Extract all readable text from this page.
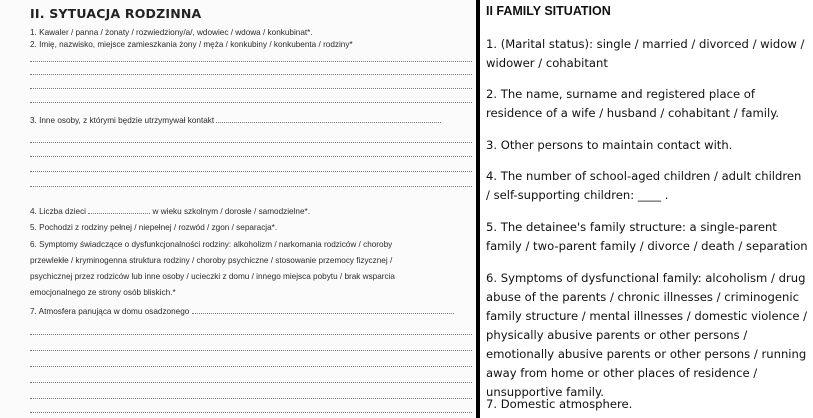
II. SYTUACJA RODZINNA
1. Kawaler / panna / żonaty / rozwiedziony/a/, wdowiec / wdowa / konkubinat*.
2. Imię, nazwisko, miejsce zamieszkania żony / męża / konkubiny / konkubenta / rodziny*
3. Inne osoby, z którymi będzie utrzymywał kontakt
4. Liczba dzieci	w wieku szkolnym / dorosłe / samodzielne*.
5. Pochodzi z rodziny pełnej / niepełnej / rozwód / zgon / separacja*.
6. Symptomy świadczące o dysfunkcjonalności rodziny: alkoholizm / narkomania rodziców / choroby
przewlekłe / kryminogenna struktura rodziny / choroby psychiczne / stosowanie przemocy fizycznej /
psychicznej przez rodziców lub inne osoby / ucieczki z domu / innego miejsca pobytu / brak wsparcia
emocjonalnego ze strony osób bliskich.*
7. Atmosfera panująca w domu osadzonego
II FAMILY SITUATION
1. (Marital status): single / married / divorced / widow / widower / cohabitant
2. The name, surname and registered place of residence of a wife / husband / cohabitant / family.
3. Other persons to maintain contact with.
4. The number of school-aged children / adult children / self-supporting children: ____ .
5. The detainee's family structure: a single-parent family / two-parent family / divorce / death / separation
6. Symptoms of dysfunctional family: alcoholism / drug abuse of the parents / chronic illnesses / criminogenic family structure / mental illnesses / domestic violence / physically abusive parents or other persons / emotionally abusive parents or other persons / running away from home or other places of residence / unsupportive family.
7. Domestic atmosphere.
